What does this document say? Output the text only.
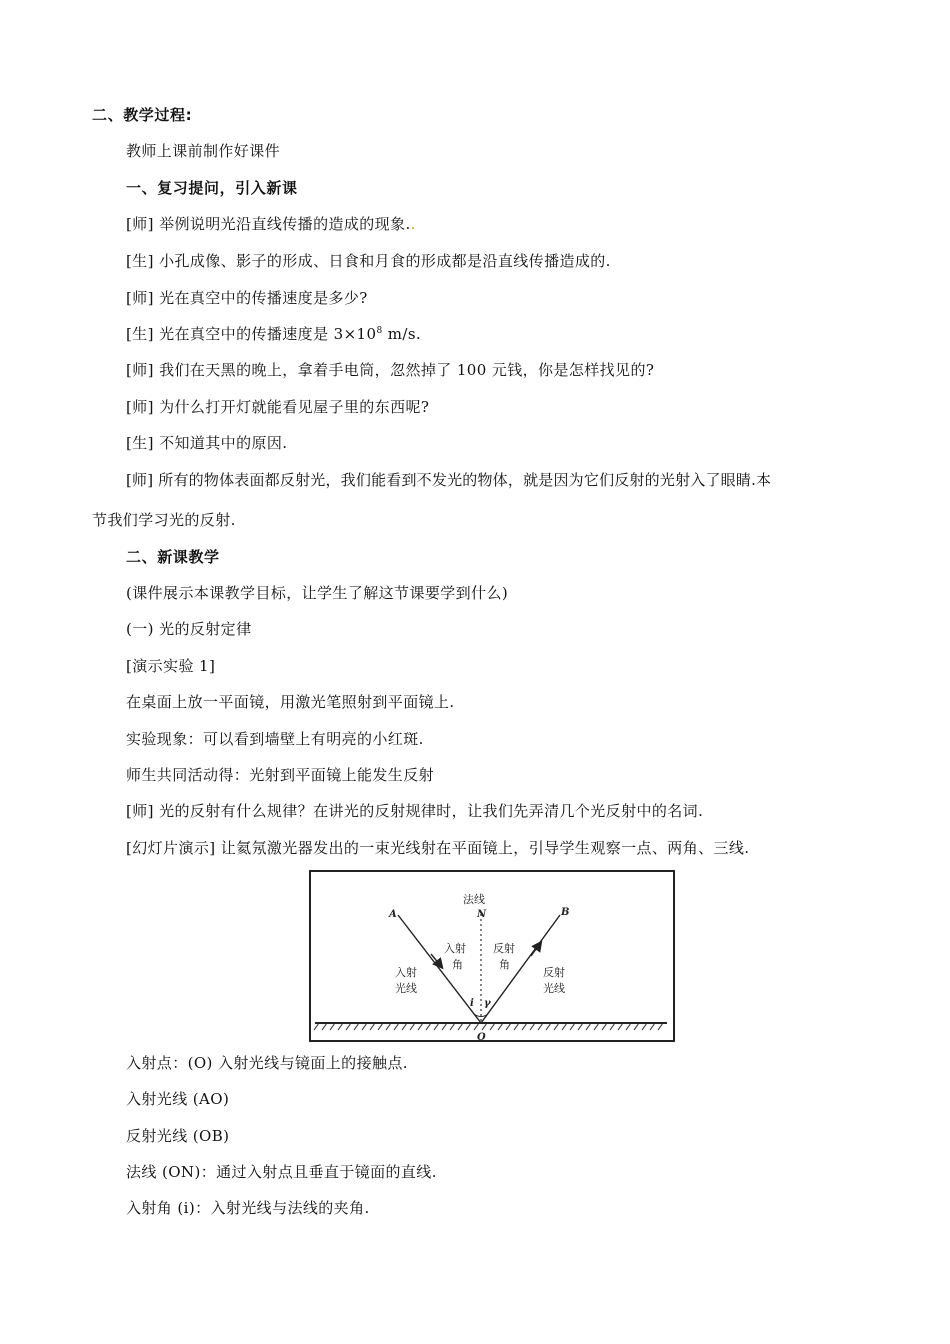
二、教学过程:
教师上课前制作好课件
一、复习提问，引入新课
[师] 举例说明光沿直线传播的造成的现象..
[生] 小孔成像、影子的形成、日食和月食的形成都是沿直线传播造成的.
[师] 光在真空中的传播速度是多少?
[生] 光在真空中的传播速度是 $3\times 10^8$ m/s.
[师] 我们在天黑的晚上，拿着手电筒，忽然掉了 100 元钱，你是怎样找见的?
[师] 为什么打开灯就能看见屋子里的东西呢?
[生] 不知道其中的原因.
[师] 所有的物体表面都反射光，我们能看到不发光的物体，就是因为它们反射的光射入了眼睛.本
节我们学习光的反射.
二、新课教学
(课件展示本课教学目标，让学生了解这节课要学到什么)
(一) 光的反射定律
[演示实验 1]
在桌面上放一平面镜，用激光笔照射到平面镜上.
实验现象：可以看到墙壁上有明亮的小红斑.
师生共同活动得：光射到平面镜上能发生反射
[师] 光的反射有什么规律？在讲光的反射规律时，让我们先弄清几个光反射中的名词.
[幻灯片演示] 让氦氖激光器发出的一束光线射在平面镜上，引导学生观察一点、两角、三线.
法线
N
A	B
O
i γ
入射
角
反射
角
入射
光线
反射
光线
入射点：(O) 入射光线与镜面上的接触点.
入射光线 (AO)
反射光线 (OB)
法线 (ON)：通过入射点且垂直于镜面的直线.
入射角 (i)：入射光线与法线的夹角.
